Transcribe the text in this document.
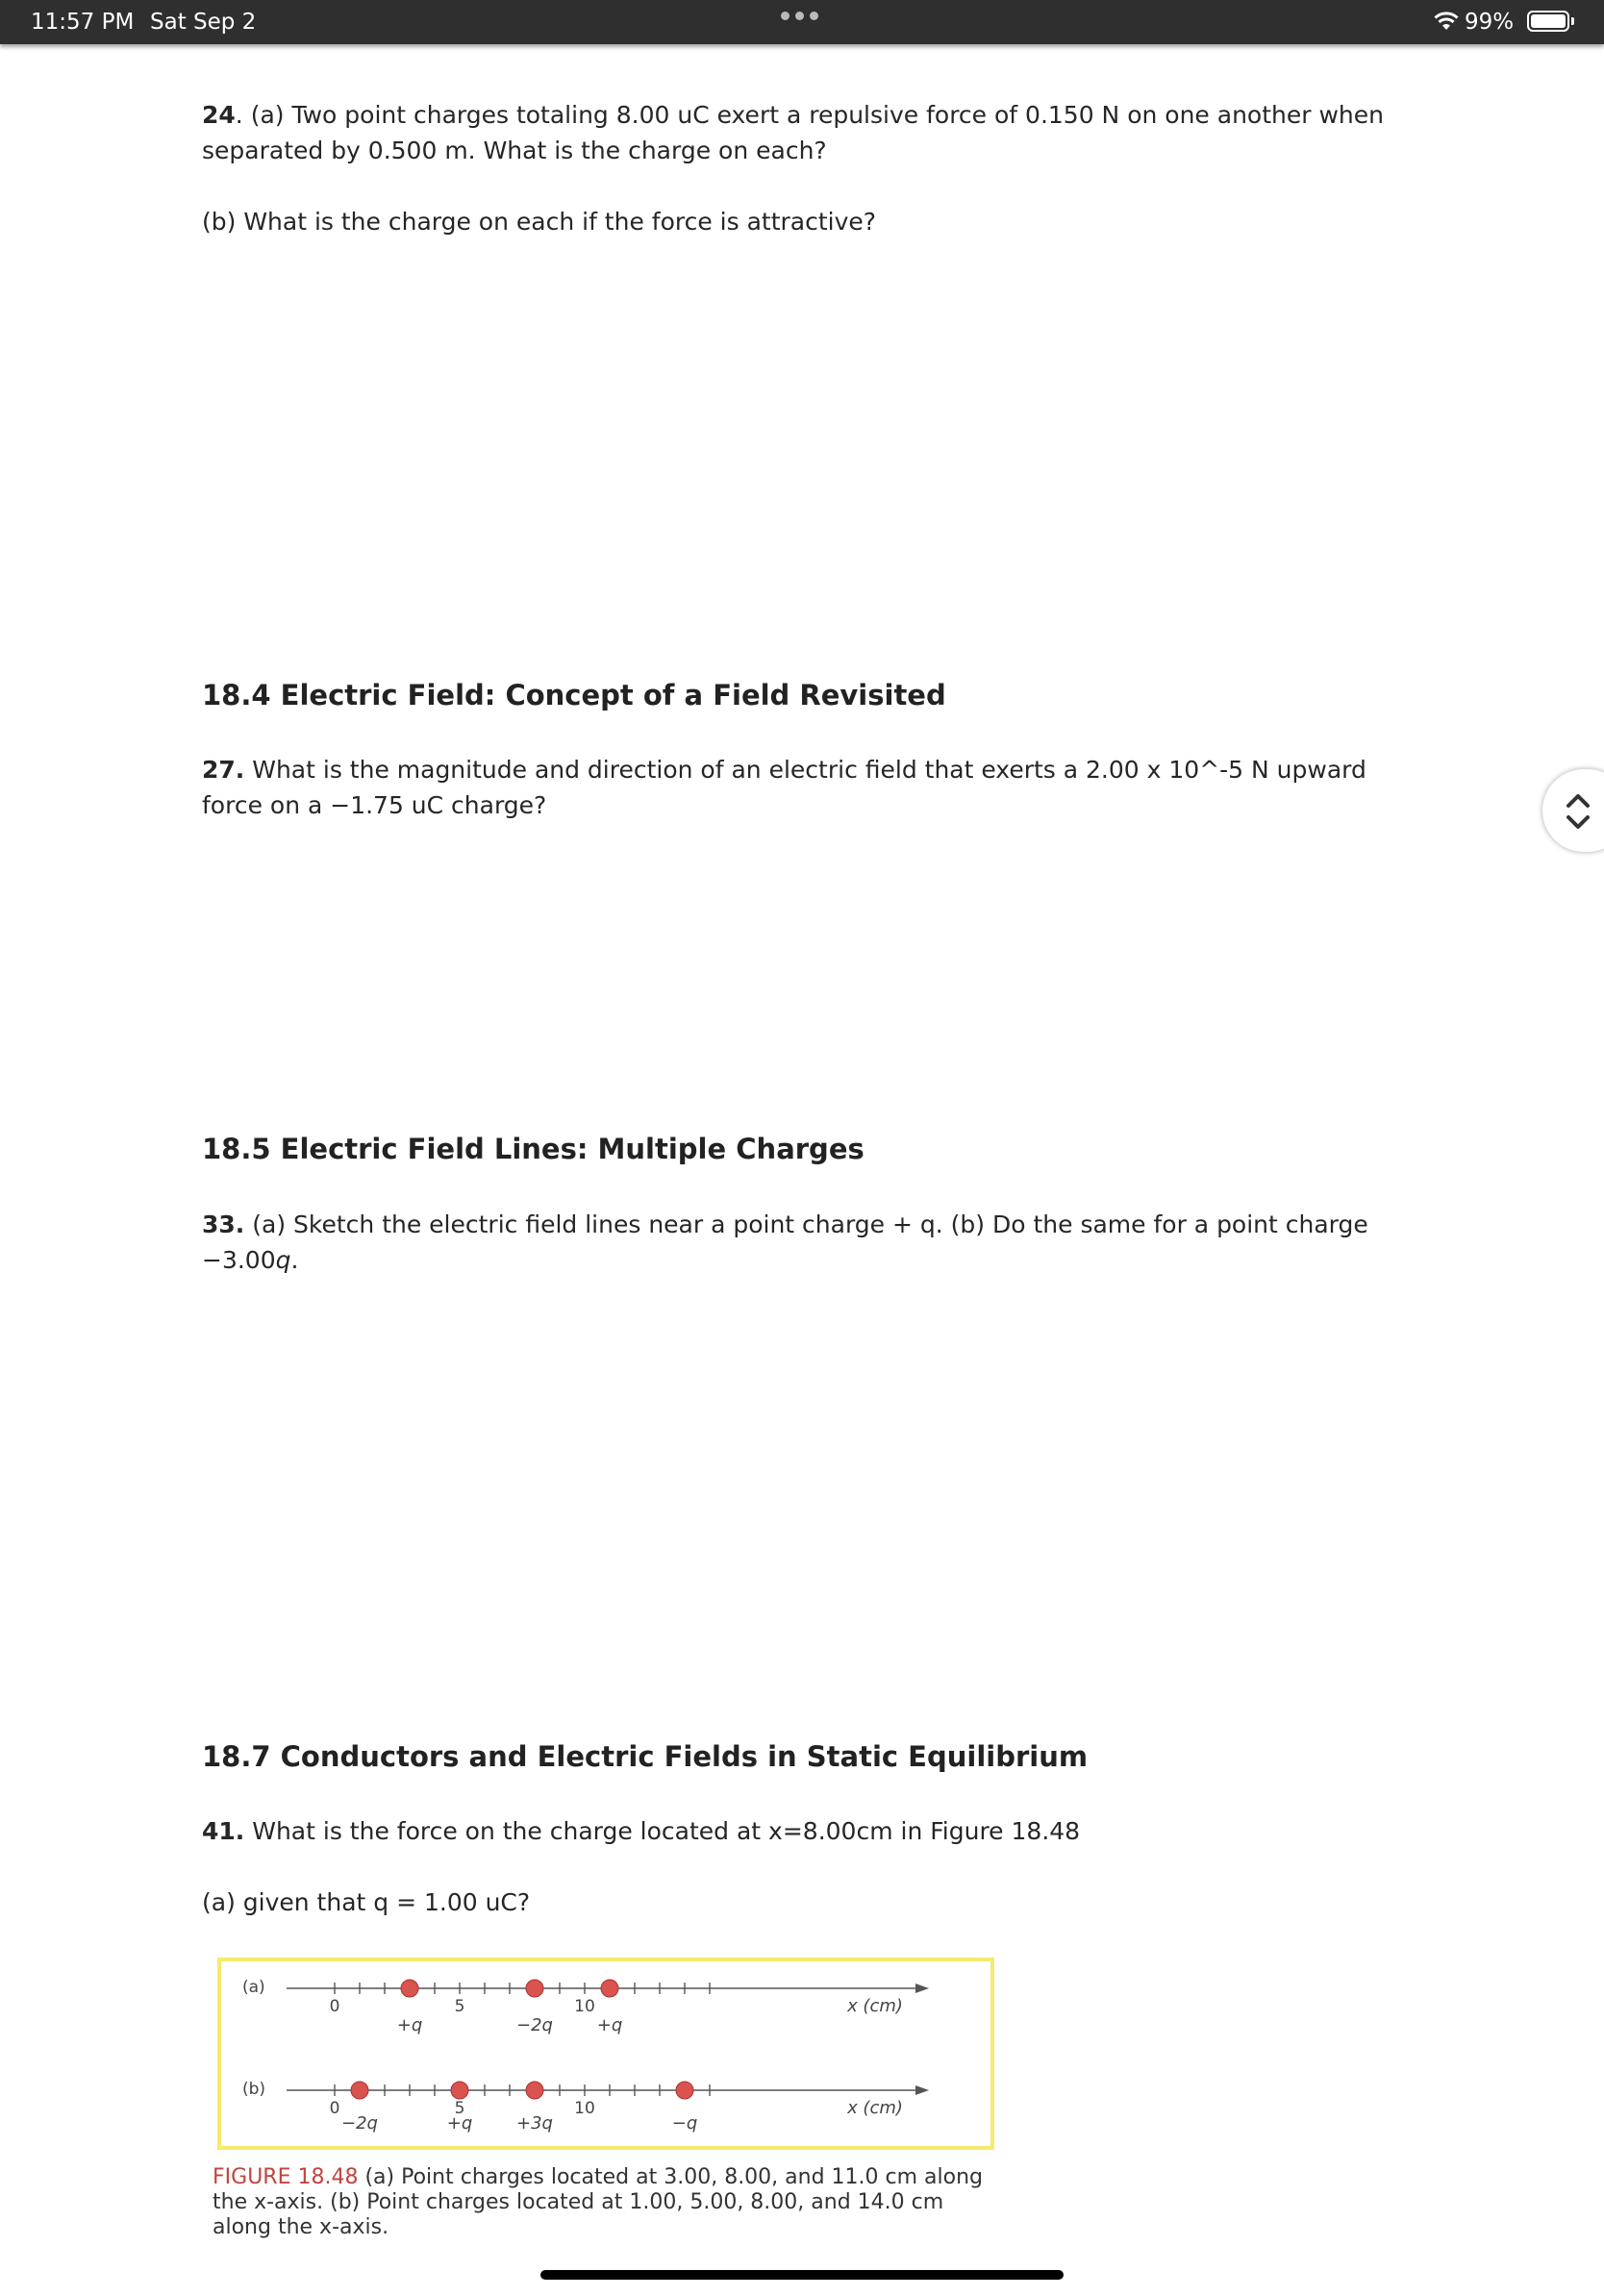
11:57 PM Sat Sep 2	99%

24. (a) Two point charges totaling 8.00 uC exert a repulsive force of 0.150 N on one another when separated by 0.500 m. What is the charge on each?

(b) What is the charge on each if the force is attractive?

18.4 Electric Field: Concept of a Field Revisited

27. What is the magnitude and direction of an electric field that exerts a 2.00 x 10^-5 N upward force on a −1.75 uC charge?

18.5 Electric Field Lines: Multiple Charges

33. (a) Sketch the electric field lines near a point charge + q. (b) Do the same for a point charge −3.00q.

18.7 Conductors and Electric Fields in Static Equilibrium

41. What is the force on the charge located at x=8.00cm in Figure 18.48

(a) given that q = 1.00 uC?

(a)
0	5	10	x (cm)
+q	−2q	+q
(b)
0	5	10	x (cm)
−2q	+q	+3q	−q
FIGURE 18.48 (a) Point charges located at 3.00, 8.00, and 11.0 cm along the x-axis. (b) Point charges located at 1.00, 5.00, 8.00, and 14.0 cm along the x-axis.
